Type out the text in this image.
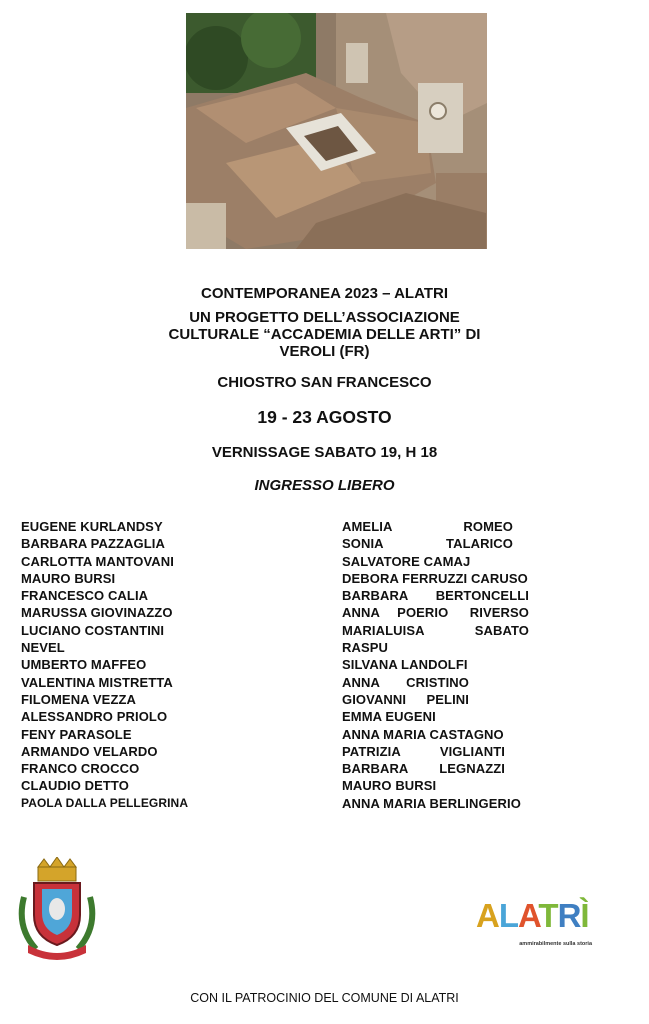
CONTEMPORANEA 2023 – ALATRI
UN PROGETTO DELL’ASSOCIAZIONE
CULTURALE “ACCADEMIA DELLE ARTI” DI
VEROLI (FR)
CHIOSTRO SAN FRANCESCO
19 - 23 AGOSTO
VERNISSAGE SABATO 19, H 18
INGRESSO LIBERO
EUGENE KURLANDSY
BARBARA PAZZAGLIA
CARLOTTA MANTOVANI
MAURO BURSI
FRANCESCO CALIA
MARUSSA GIOVINAZZO
LUCIANO COSTANTINI
NEVEL
UMBERTO MAFFEO
VALENTINA MISTRETTA
FILOMENA VEZZA
ALESSANDRO PRIOLO
FENY PARASOLE
ARMANDO VELARDO
FRANCO CROCCO
CLAUDIO DETTO
PAOLA DALLA PELLEGRINA
AMELIA	ROMEO
SONIA	TALARICO
SALVATORE CAMAJ
DEBORA FERRUZZI CARUSO
BARBARA BERTONCELLI
ANNA POERIO RIVERSO
MARIALUISA	SABATO
RASPU
SILVANA LANDOLFI
ANNA CRISTINO
GIOVANNI PELINI
EMMA EUGENI
ANNA MARIA CASTAGNO
PATRIZIA	VIGLIANTI
BARBARA LEGNAZZI
MAURO BURSI
ANNA MARIA BERLINGERIO
ALATRÌ
ammirabilmente sulla storia
CON IL PATROCINIO DEL COMUNE DI ALATRI
